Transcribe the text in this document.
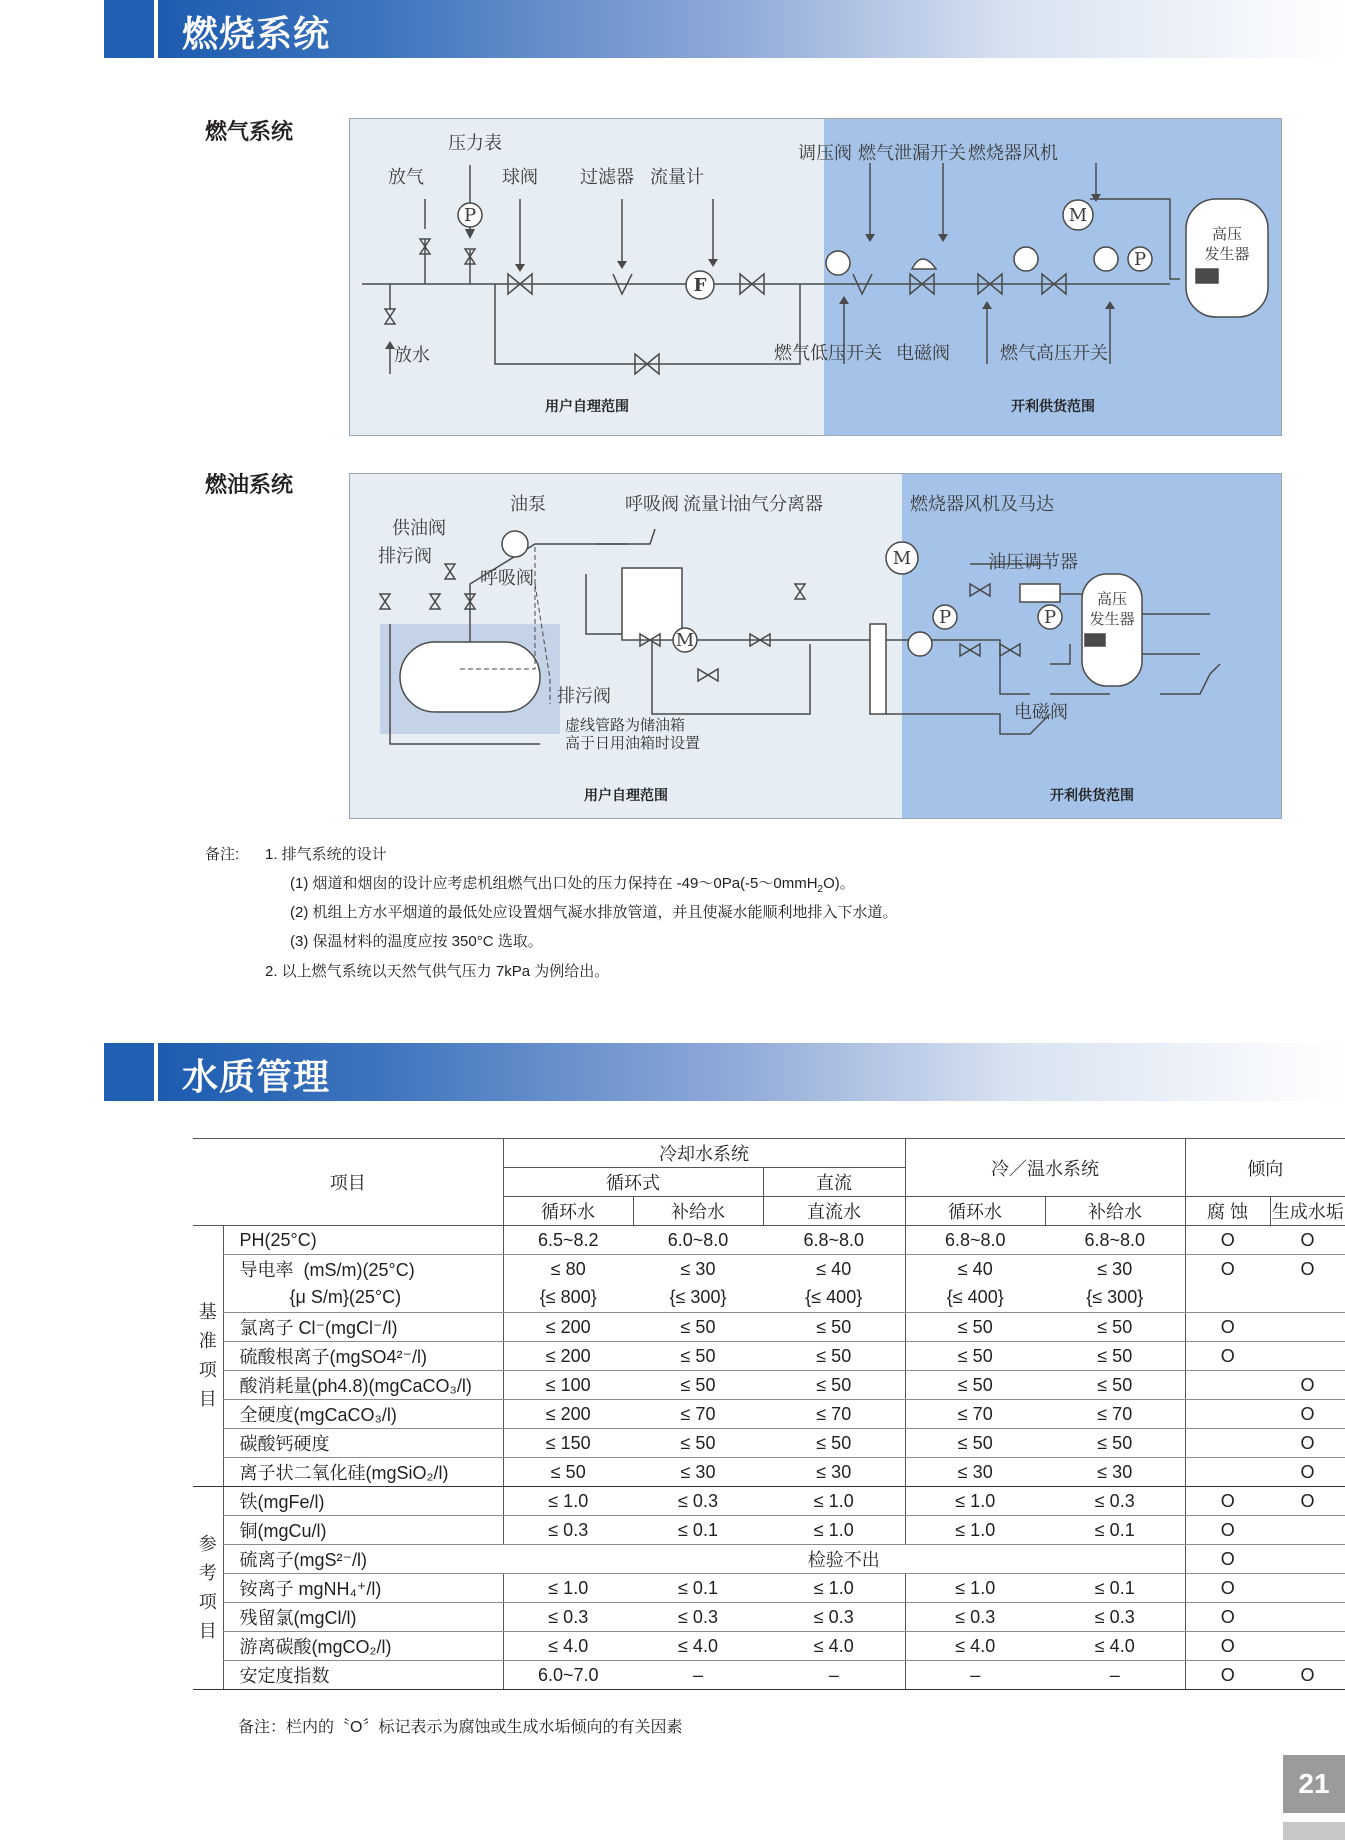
燃烧系统
燃气系统
P
F
P
M
压力表
放气	球阀 过滤器 流量计
放水
调压阀 燃气泄漏开关 燃烧器风机
高压
发生器
燃气低压开关 电磁阀	燃气高压开关
用户自理范围	开利供货范围
燃油系统
P	P
M
M
油泵	呼吸阀 流量计
油气分离器
供油阀
排污阀
呼吸阀
排污阀
虚线管路为储油箱
高于日用油箱时设置
燃烧器风机及马达
油压调节器
高压
发生器
电磁阀
用户自理范围	开利供货范围
备注: 1. 排气系统的设计
(1) 烟道和烟囱的设计应考虑机组燃气出口处的压力保持在 -49～0Pa(-5～0mmH$_2$O)。
(2) 机组上方水平烟道的最低处应设置烟气凝水排放管道，并且使凝水能顺利地排入下水道。
(3) 保温材料的温度应按 350°C 选取。
2. 以上燃气系统以天然气供气压力 7kPa 为例给出。
水质管理
项目		冷却水系统			冷／温水系统		倾向	
		循环式		直流				
		循环水	补给水	直流水	循环水	补给水	腐 蚀	生成水垢

基
准
项
目	PH(25°C)	6.5~8.2	6.0~8.0	6.8~8.0	6.8~8.0	6.8~8.0	O	O
	导电率  (mS/m)(25°C)	≤ 80	≤ 30	≤ 40	≤ 40	≤ 30	O	O
	{μ S/m}(25°C)	{≤ 800}	{≤ 300}	{≤ 400}	{≤ 400}	{≤ 300}		
	氯离子 Cl⁻(mgCl⁻/l)	≤ 200	≤ 50	≤ 50	≤ 50	≤ 50	O	
	硫酸根离子(mgSO4²⁻/l)	≤ 200	≤ 50	≤ 50	≤ 50	≤ 50	O	
	酸消耗量(ph4.8)(mgCaCO₃/l)	≤ 100	≤ 50	≤ 50	≤ 50	≤ 50		O
	全硬度(mgCaCO₃/l)	≤ 200	≤ 70	≤ 70	≤ 70	≤ 70		O
	碳酸钙硬度	≤ 150	≤ 50	≤ 50	≤ 50	≤ 50		O
	离子状二氧化硅(mgSiO₂/l)	≤ 50	≤ 30	≤ 30	≤ 30	≤ 30		O

参
考
项
目	铁(mgFe/l)	≤ 1.0	≤ 0.3	≤ 1.0	≤ 1.0	≤ 0.3	O	O
	铜(mgCu/l)	≤ 0.3	≤ 0.1	≤ 1.0	≤ 1.0	≤ 0.1	O	
	硫离子(mgS²⁻/l)	检验不出					O	
	铵离子 mgNH₄⁺/l)	≤ 1.0	≤ 0.1	≤ 1.0	≤ 1.0	≤ 0.1	O	
	残留氯(mgCl/l)	≤ 0.3	≤ 0.3	≤ 0.3	≤ 0.3	≤ 0.3	O	
	游离碳酸(mgCO₂/l)	≤ 4.0	≤ 4.0	≤ 4.0	≤ 4.0	≤ 4.0	O	
	安定度指数	6.0~7.0	–	–	–	–	O	O
备注：栏内的〝O〞标记表示为腐蚀或生成水垢倾向的有关因素
21
